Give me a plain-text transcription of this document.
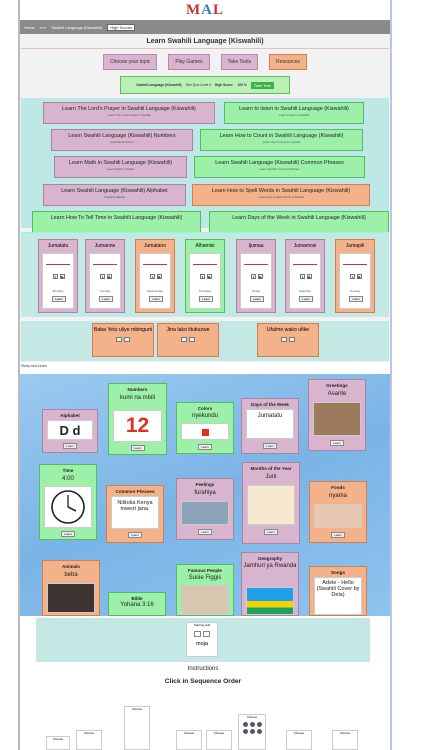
MAL
Home »»» Swahili Language (Kiswahili)	High Scores
Learn Swahili Language (Kiswahili)
Choose your topic	Play Games	Take Tests	Resources
Swahili Language (Kiswahili) Mini Quiz Level 4 High Score: 100 %	Take Test
Learn The Lord's Prayer in Swahili Language (Kiswahili)
Learn The Lord's Prayer in Swahili
Learn to listen in Swahili Language (Kiswahili)
Learn to listen in Swahili
Learn Swahili Language (Kiswahili) Numbers
Kiswahili Numbers
Learn How to Count in Swahili Language (Kiswahili)
Learn How to Count in Swahili
Learn Math in Swahili Language (Kiswahili)
Learn Math in Swahili
Learn Swahili Language (Kiswahili) Common Phrases
Learn Swahili Common Phrases
Learn Swahili Language (Kiswahili) Alphabet
Kiswahili alfabeti
Learn How to Spell Words in Swahili Language (Kiswahili)
Learn How to Spell Words in Swahili
Learn How To Tell Time in Swahili Language (Kiswahili)	Learn Days of the Week in Swahili Language (Kiswahili)
Jumatatu
⏸	▶
Monday
Learn
Jumanne
⏸	▶
Tuesday
Learn
Jumatano
⏸	▶
Wednesday
Learn
Alhamisi
⏸	▶
Thursday
Learn
Ijumaa
⏸	▶
Friday
Learn
Jumamosi
⏸	▶
Saturday
Learn
Jumapili
⏸	▶
Sunday
Learn
Baba Yetu uliye mbinguni	Jina lako litukuzwe	Ufalme wako ufike
Study and Learn
Alphabet
D d
Learn
Numbers
kumi na mbili
12
Learn
Colors
nyekundu
Learn
Days of the Week
Jumatatu
Learn
Greetings
Asante
Learn
Time
4:00
Learn
Common Phrases
Nilitoka Kenya mwezi jana.
Learn
Feelings
furahiya
Learn
Months of the Year
Juni
Learn
Foods
nyama
Learn
Animals
beba
Bible
Yohana 3:16
Famous People
Susie Figgis
Geography
Jamhuri ya Rwanda
Songs
Adele - Hello (Swahili Cover by Dela)
Starting with
moja
Instructions
Click in Sequence Order
Choose
Choose
Choose	Choose	Choose	Choose	Choose
Choose
